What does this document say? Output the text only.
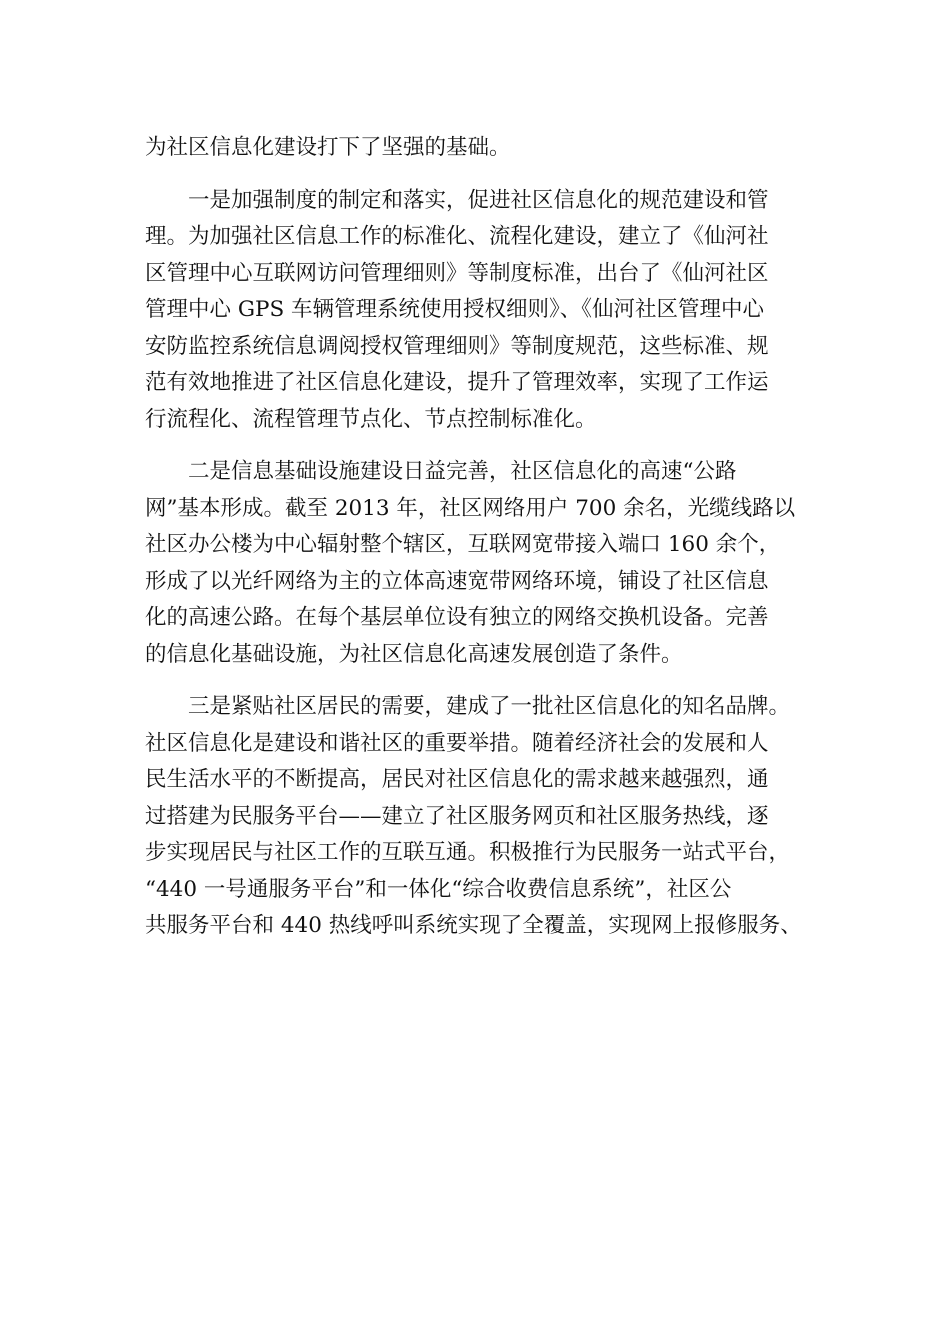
为社区信息化建设打下了坚强的基础。
一是加强制度的制定和落实，促进社区信息化的规范建设和管
理。为加强社区信息工作的标准化、流程化建设，建立了《仙河社
区管理中心互联网访问管理细则》等制度标准，出台了《仙河社区
管理中心 GPS 车辆管理系统使用授权细则》、《仙河社区管理中心
安防监控系统信息调阅授权管理细则》等制度规范，这些标准、规
范有效地推进了社区信息化建设，提升了管理效率，实现了工作运
行流程化、流程管理节点化、节点控制标准化。
二是信息基础设施建设日益完善，社区信息化的高速“公路
网”基本形成。截至 2013 年，社区网络用户 700 余名，光缆线路以
社区办公楼为中心辐射整个辖区，互联网宽带接入端口 160 余个，
形成了以光纤网络为主的立体高速宽带网络环境，铺设了社区信息
化的高速公路。在每个基层单位设有独立的网络交换机设备。完善
的信息化基础设施，为社区信息化高速发展创造了条件。
三是紧贴社区居民的需要，建成了一批社区信息化的知名品牌。
社区信息化是建设和谐社区的重要举措。随着经济社会的发展和人
民生活水平的不断提高，居民对社区信息化的需求越来越强烈，通
过搭建为民服务平台——建立了社区服务网页和社区服务热线，逐
步实现居民与社区工作的互联互通。积极推行为民服务一站式平台，
“440 一号通服务平台”和一体化“综合收费信息系统”，社区公
共服务平台和 440 热线呼叫系统实现了全覆盖，实现网上报修服务、
